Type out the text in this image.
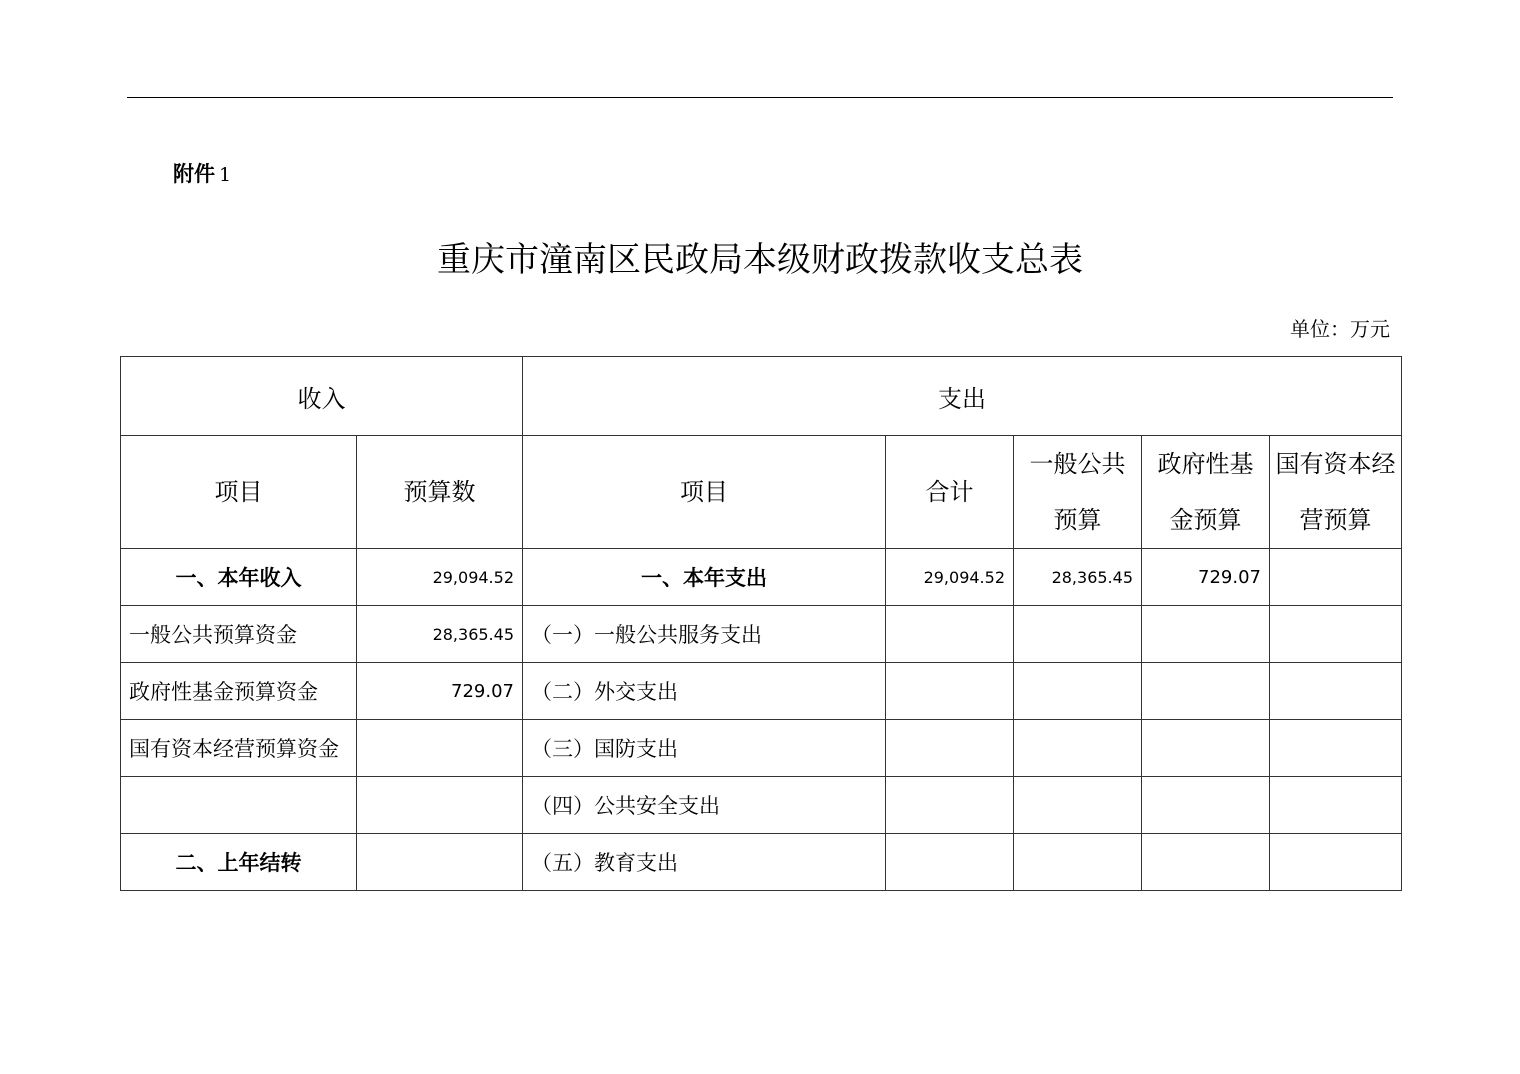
附件 1
重庆市潼南区民政局本级财政拨款收支总表
单位：万元
收入		支出				
项目	预算数	项目	合计	一般公共预算	政府性基金预算	国有资本经营预算
一、本年收入	29,094.52	一、本年支出	29,094.52	28,365.45	729.07	
一般公共预算资金	28,365.45	（一）一般公共服务支出				
政府性基金预算资金	729.07	（二）外交支出				
国有资本经营预算资金		（三）国防支出				
		（四）公共安全支出				
二、上年结转		（五）教育支出				
